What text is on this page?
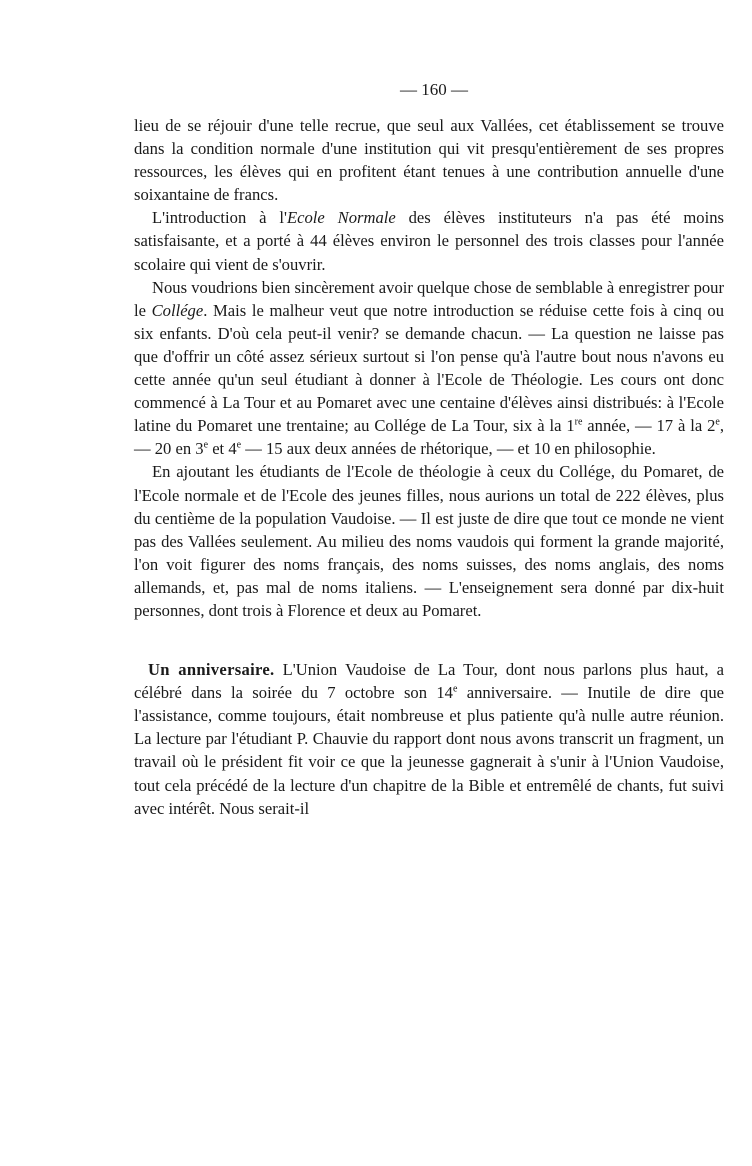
— 160 —

lieu de se réjouir d'une telle recrue, que seul aux Vallées, cet établissement se trouve dans la condition normale d'une institution qui vit presqu'entièrement de ses propres ressources, les élèves qui en profitent étant tenues à une contribution annuelle d'une soixantaine de francs.

L'introduction à l'Ecole Normale des élèves instituteurs n'a pas été moins satisfaisante, et a porté à 44 élèves environ le personnel des trois classes pour l'année scolaire qui vient de s'ouvrir.

Nous voudrions bien sincèrement avoir quelque chose de semblable à enregistrer pour le Collége. Mais le malheur veut que notre introduction se réduise cette fois à cinq ou six enfants. D'où cela peut-il venir? se demande chacun. — La question ne laisse pas que d'offrir un côté assez sérieux surtout si l'on pense qu'à l'autre bout nous n'avons eu cette année qu'un seul étudiant à donner à l'Ecole de Théologie. Les cours ont donc commencé à La Tour et au Pomaret avec une centaine d'élèves ainsi distribués: à l'Ecole latine du Pomaret une trentaine; au Collége de La Tour, six à la 1re année, — 17 à la 2e, — 20 en 3e et 4e — 15 aux deux années de rhétorique, — et 10 en philosophie.

En ajoutant les étudiants de l'Ecole de théologie à ceux du Collége, du Pomaret, de l'Ecole normale et de l'Ecole des jeunes filles, nous aurions un total de 222 élèves, plus du centième de la population Vaudoise. — Il est juste de dire que tout ce monde ne vient pas des Vallées seulement. Au milieu des noms vaudois qui forment la grande majorité, l'on voit figurer des noms français, des noms suisses, des noms anglais, des noms allemands, et, pas mal de noms italiens. — L'enseignement sera donné par dix-huit personnes, dont trois à Florence et deux au Pomaret.

Un anniversaire. L'Union Vaudoise de La Tour, dont nous parlons plus haut, a célébré dans la soirée du 7 octobre son 14e anniversaire. — Inutile de dire que l'assistance, comme toujours, était nombreuse et plus patiente qu'à nulle autre réunion. La lecture par l'étudiant P. Chauvie du rapport dont nous avons transcrit un fragment, un travail où le président fit voir ce que la jeunesse gagnerait à s'unir à l'Union Vaudoise, tout cela précédé de la lecture d'un chapitre de la Bible et entremêlé de chants, fut suivi avec intérêt. Nous serait-il
